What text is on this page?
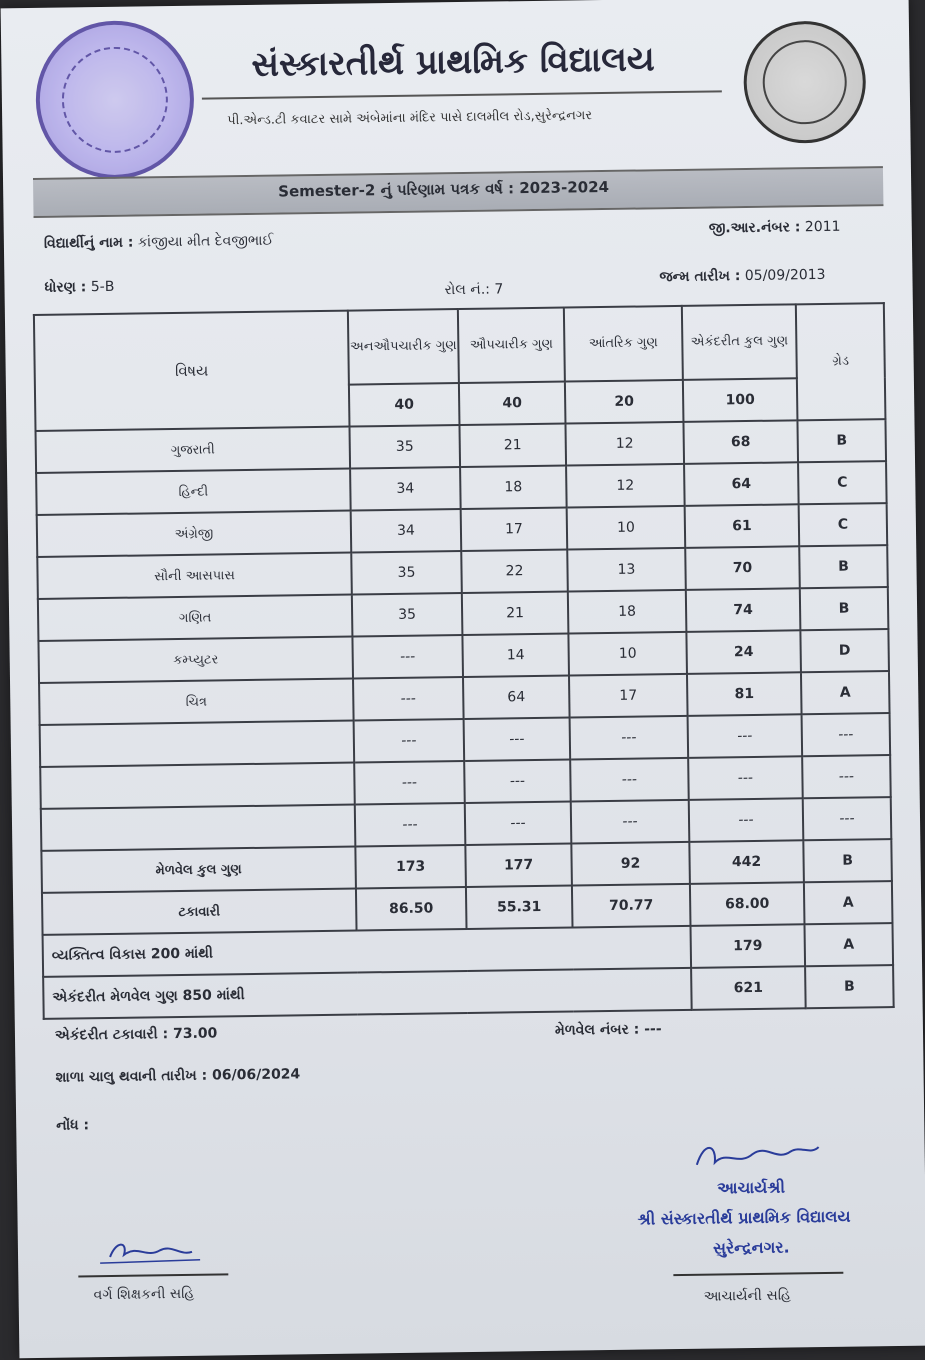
સંસ્કારતીર્થ પ્રાથમિક વિદ્યાલય
પી.એન્ડ.ટી કવાટર સામે અંબેમાંના મંદિર પાસે દાલમીલ રોડ,સુરેન્દ્રનગર
Semester-2 નું પરિણામ પત્રક વર્ષ : 2023-2024
વિદ્યાર્થીનું નામ : કાંજીયા મીત દેવજીભાઈ
જી.આર.નંબર : 2011
ધોરણ : 5-B	રોલ નં.: 7
જન્મ તારીખ : 05/09/2013
વિષય	અનઔપચારીક ગુણ	ઔપચારીક ગુણ	આંતરિક ગુણ	એકંદરીત કુલ ગુણ	ગ્રેડ
	40	40	20	100	
ગુજરાતી	35	21	12	68	B
હિન્દી	34	18	12	64	C
અંગ્રેજી	34	17	10	61	C
સૌની આસપાસ	35	22	13	70	B
ગણિત	35	21	18	74	B
કમ્પ્યુટર	---	14	10	24	D
ચિત્ર	---	64	17	81	A
	---	---	---	---	---
	---	---	---	---	---
	---	---	---	---	---
મેળવેલ કુલ ગુણ	173	177	92	442	B
ટકાવારી	86.50	55.31	70.77	68.00	A
વ્યક્તિત્વ વિકાસ 200 માંથી				179	A
એકંદરીત મેળવેલ ગુણ 850 માંથી				621	B
એકંદરીત ટકાવારી : 73.00	મેળવેલ નંબર : ---
શાળા ચાલુ થવાની તારીખ : 06/06/2024
નોંધ :
વર્ગ શિક્ષકની સહિ
આચાર્યશ્રી
શ્રી સંસ્કારતીર્થ પ્રાથમિક વિદ્યાલય
સુરેન્દ્રનગર.
આચાર્યની સહિ
